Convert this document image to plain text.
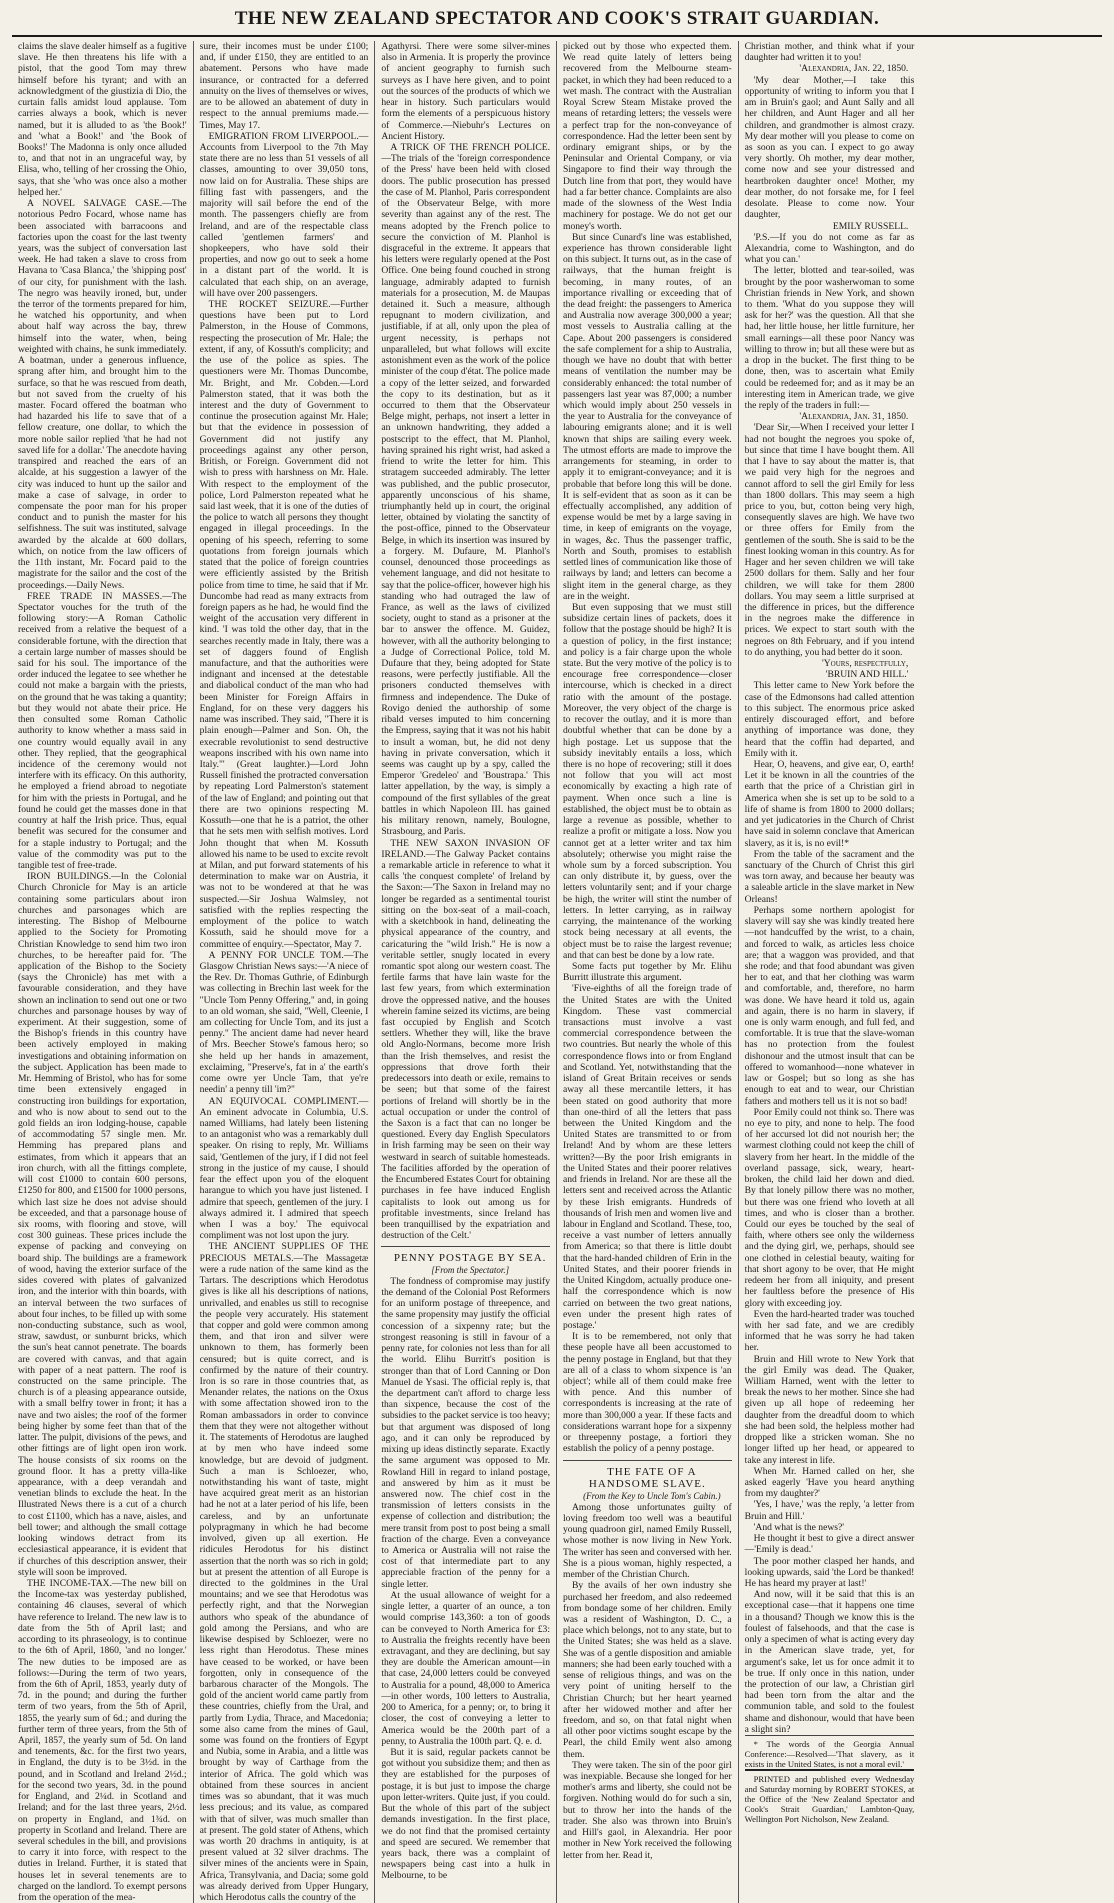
THE NEW ZEALAND SPECTATOR AND COOK'S STRAIT GUARDIAN.

claims the slave dealer himself as a fugitive slave. He then threatens his life with a pistol, that the good Tom may threw himself before his tyrant; and with an acknowledgment of the giustizia di Dio, the curtain falls amidst loud applause. Tom carries always a book, which is never named, but it is alluded to as 'the Book!' and 'what a Book!' and 'the Book of Books!' The Madonna is only once alluded to, and that not in an ungraceful way, by Elisa, who, telling of her crossing the Ohio, says, that she 'who was once also a mother helped her.'

A NOVEL SALVAGE CASE.—The notorious Pedro Focard, whose name has been associated with barracoons and factories upon the coast for the last twenty years, was the subject of conversation last week. He had taken a slave to cross from Havana to 'Casa Blanca,' the 'shipping post' of our city, for punishment with the lash. The negro was heavily ironed, but, under the terror of the torments prepared for him, he watched his opportunity, and when about half way across the bay, threw himself into the water, when, being weighted with chains, he sunk immediately. A boatman, under a generous influence, sprang after him, and brought him to the surface, so that he was rescued from death, but not saved from the cruelty of his master. Focard offered the boatman who had hazarded his life to save that of a fellow creature, one dollar, to which the more noble sailor replied 'that he had not saved life for a dollar.' The anecdote having transpired and reached the ears of an alcalde, at his suggestion a lawyer of the city was induced to hunt up the sailor and make a case of salvage, in order to compensate the poor man for his proper conduct and to punish the master for his selfishness. The suit was instituted, salvage awarded by the alcalde at 600 dollars, which, on notice from the law officers of the 11th instant, Mr. Focard paid to the magistrate for the sailor and the cost of the proceedings.—Daily News.

FREE TRADE IN MASSES.—The Spectator vouches for the truth of the following story:—A Roman Catholic received from a relative the bequest of a considerable fortune, with the direction that a certain large number of masses should be said for his soul. The importance of the order induced the legatee to see whether he could not make a bargain with the priests, on the ground that he was taking a quantity; but they would not abate their price. He then consulted some Roman Catholic authority to know whether a mass said in one country would equally avail in any other. They replied, that the geographical incidence of the ceremony would not interfere with its efficacy. On this authority, he employed a friend abroad to negotiate for him with the priests in Portugal, and he found he could get the masses done in that country at half the Irish price. Thus, equal benefit was secured for the consumer and for a staple industry to Portugal; and the value of the commodity was put to the tangible test of free-trade.

IRON BUILDINGS.—In the Colonial Church Chronicle for May is an article containing some particulars about iron churches and parsonages which are interesting. The Bishop of Melbourne applied to the Society for Promoting Christian Knowledge to send him two iron churches, to be hereafter paid for. 'The application of the Bishop to the Society (says the Chronicle) has met with a favourable consideration, and they have shown an inclination to send out one or two churches and parsonage houses by way of experiment. At their suggestion, some of the Bishop's friends in this country have been actively employed in making investigations and obtaining information on the subject. Application has been made to Mr. Hemming of Bristol, who has for some time been extensively engaged in constructing iron buildings for exportation, and who is now about to send out to the gold fields an iron lodging-house, capable of accommodating 57 single men. Mr. Hemming has prepared plans and estimates, from which it appears that an iron church, with all the fittings complete, will cost £1000 to contain 600 persons, £1250 for 800, and £1500 for 1000 persons, which last size he does not advise should be exceeded, and that a parsonage house of six rooms, with flooring and stove, will cost 300 guineas. These prices include the expense of packing and conveying on board ship. The buildings are a framework of wood, having the exterior surface of the sides covered with plates of galvanized iron, and the interior with thin boards, with an interval between the two surfaces of about four inches, to be filled up with some non-conducting substance, such as wool, straw, sawdust, or sunburnt bricks, which the sun's heat cannot penetrate. The boards are covered with canvas, and that again with paper of a neat pattern. The roof is constructed on the same principle. The church is of a pleasing appearance outside, with a small belfry tower in front; it has a nave and two aisles; the roof of the former being higher by some feet than that of the latter. The pulpit, divisions of the pews, and other fittings are of light open iron work. The house consists of six rooms on the ground floor. It has a pretty villa-like appearance, with a deep verandah and venetian blinds to exclude the heat. In the Illustrated News there is a cut of a church to cost £1100, which has a nave, aisles, and bell tower; and although the small cottage looking windows detract from its ecclesiastical appearance, it is evident that if churches of this description answer, their style will soon be improved.

THE INCOME-TAX.—The new bill on the Income-tax was yesterday published, containing 46 clauses, several of which have reference to Ireland. The new law is to date from the 5th of April last; and according to its phraseology, is to continue to the 6th of April, 1860, 'and no longer.' The new duties to be imposed are as follows:—During the term of two years, from the 6th of April, 1853, yearly duty of 7d. in the pound; and during the further term of two years, from the 5th of April, 1855, the yearly sum of 6d.; and during the further term of three years, from the 5th of April, 1857, the yearly sum of 5d. On land and tenements, &c. for the first two years, in England, the duty is to be 3½d. in the pound, and in Scotland and Ireland 2½d.; for the second two years, 3d. in the pound for England, and 2¼d. in Scotland and Ireland; and for the last three years, 2½d. on property in England, and 1¾d. on property in Scotland and Ireland. There are several schedules in the bill, and provisions to carry it into force, with respect to the duties in Ireland. Further, it is stated that houses let in several tenements are to charged on the landlord. To exempt persons from the operation of the mea-

sure, their incomes must be under £100; and, if under £150, they are entitled to an abatement. Persons who have made insurance, or contracted for a deferred annuity on the lives of themselves or wives, are to be allowed an abatement of duty in respect to the annual premiums made.—Times, May 17.

EMIGRATION FROM LIVERPOOL.—Accounts from Liverpool to the 7th May state there are no less than 51 vessels of all classes, amounting to over 39,050 tons, now laid on for Australia. These ships are filling fast with passengers, and the majority will sail before the end of the month. The passengers chiefly are from Ireland, and are of the respectable class called 'gentlemen farmers' and shopkeepers, who have sold their properties, and now go out to seek a home in a distant part of the world. It is calculated that each ship, on an average, will have over 200 passengers.

THE ROCKET SEIZURE.—Further questions have been put to Lord Palmerston, in the House of Commons, respecting the prosecution of Mr. Hale; the extent, if any, of Kossuth's complicity; and the use of the police as spies. The questioners were Mr. Thomas Duncombe, Mr. Bright, and Mr. Cobden.—Lord Palmerston stated, that it was both the interest and the duty of Government to continue the prosecution against Mr. Hale; but that the evidence in possession of Government did not justify any proceedings against any other person, British, or Foreign. Government did not wish to press with harshness on Mr. Hale. With respect to the employment of the police, Lord Palmerston repeated what he said last week, that it is one of the duties of the police to watch all persons they thought engaged in illegal proceedings. In the opening of his speech, referring to some quotations from foreign journals which stated that the police of foreign countries were efficiently assisted by the British police from time to time, he said that if Mr. Duncombe had read as many extracts from foreign papers as he had, he would find the weight of the accusation very different in kind. 'I was told the other day, that in the searches recently made in Italy, there was a set of daggers found of English manufacture, and that the authorities were indignant and incensed at the detestable and diabolical conduct of the man who had been Minister for Foreign Affairs in England, for on these very daggers his name was inscribed. They said, "There it is plain enough—Palmer and Son. Oh, the execrable revolutionist to send destructive weapons inscribed with his own name into Italy."' (Great laughter.)—Lord John Russell finished the protracted conversation by repeating Lord Palmerston's statement of the law of England; and pointing out that there are two opinions respecting M. Kossuth—one that he is a patriot, the other that he sets men with selfish motives. Lord John thought that when M. Kossuth allowed his name to be used to excite revolt at Milan, and put forward statements of his determination to make war on Austria, it was not to be wondered at that he was suspected.—Sir Joshua Walmsley, not satisfied with the replies respecting the employment of the police to watch Kossuth, said he should move for a committee of enquiry.—Spectator, May 7.

A PENNY FOR UNCLE TOM.—The Glasgow Christian News says:—'A niece of the Rev. Dr. Thomas Guthrie, of Edinburgh was collecting in Brechin last week for the "Uncle Tom Penny Offering," and, in going to an old woman, she said, "Well, Cleenie, I am collecting for Uncle Tom, and its just a penny." The ancient dame had never heard of Mrs. Beecher Stowe's famous hero; so she held up her hands in amazement, exclaiming, "Preserve's, fat in a' the earth's come owre yer Uncle Tam, that ye're needin' a penny till 'im?"

AN EQUIVOCAL COMPLIMENT.—An eminent advocate in Columbia, U.S. named Williams, had lately been listening to an antagonist who was a remarkably dull speaker. On rising to reply, Mr. Williams said, 'Gentlemen of the jury, if I did not feel strong in the justice of my cause, I should fear the effect upon you of the eloquent harangue to which you have just listened. I admire that speech, gentlemen of the jury. I always admired it. I admired that speech when I was a boy.' The equivocal compliment was not lost upon the jury.

THE ANCIENT SUPPLIES OF THE PRECIOUS METALS.—The Massagetæ were a rude nation of the same kind as the Tartars. The descriptions which Herodotus gives is like all his descriptions of nations, unrivalled, and enables us still to recognise the people very accurately. His statement that copper and gold were common among them, and that iron and silver were unknown to them, has formerly been censured; but is quite correct, and is confirmed by the nature of their country. Iron is so rare in those countries that, as Menander relates, the nations on the Oxus with some affectation showed iron to the Roman ambassadors in order to convince them that they were not altogether without it. The statements of Herodotus are laughed at by men who have indeed some knowledge, but are devoid of judgment. Such a man is Schloezer, who, notwithstanding his want of taste, might have acquired great merit as an historian had he not at a later period of his life, been careless, and by an unfortunate polypragmany in which he had become involved, given up all exertion. He ridicules Herodotus for his distinct assertion that the north was so rich in gold; but at present the attention of all Europe is directed to the goldmines in the Ural mountains; and we see that Herodotus was perfectly right, and that the Norwegian authors who speak of the abundance of gold among the Persians, and who are likewise despised by Schloezer, were no less right than Herodotus. These mines have ceased to be worked, or have been forgotten, only in consequence of the barbarous character of the Mongols. The gold of the ancient world came partly from these countries, chiefly from the Ural, and partly from Lydia, Thrace, and Macedonia; some also came from the mines of Gaul, some was found on the frontiers of Egypt and Nubia, some in Arabia, and a little was brought by way of Carthage from the interior of Africa. The gold which was obtained from these sources in ancient times was so abundant, that it was much less precious; and its value, as compared with that of silver, was much smaller than at present. The gold stater of Athens, which was worth 20 drachms in antiquity, is at present valued at 32 silver drachms. The silver mines of the ancients were in Spain, Africa, Transylvania, and Dacia; some gold was already derived from Upper Hungary, which Herodotus calls the country of the

Agathyrsi. There were some silver-mines also in Armenia. It is properly the province of ancient geography to furnish such surveys as I have here given, and to point out the sources of the products of which we hear in history. Such particulars would form the elements of a perspicuous history of Commerce.—Niebuhr's Lectures on Ancient History.

A TRICK OF THE FRENCH POLICE.—The trials of the 'foreign correspondence of the Press' have been held with closed doors. The public prosecution has pressed the case of M. Planhol, Paris correspondent of the Observateur Belge, with more severity than against any of the rest. The means adopted by the French police to secure the conviction of M. Planhol is disgraceful in the extreme. It appears that his letters were regularly opened at the Post Office. One being found couched in strong language, admirably adapted to furnish materials for a prosecution, M. de Maupas detained it. Such a measure, although repugnant to modern civilization, and justifiable, if at all, only upon the plea of urgent necessity, is perhaps not unparalleled, but what follows will excite astonishment even as the work of the police minister of the coup d'état. The police made a copy of the letter seized, and forwarded the copy to its destination, but as it occurred to them that the Observateur Belge might, perhaps, not insert a letter in an unknown handwriting, they added a postscript to the effect, that M. Planhol, having sprained his right wrist, had asked a friend to write the letter for him. This stratagem succeeded admirably. The letter was published, and the public prosecutor, apparently unconscious of his shame, triumphantly held up in court, the original letter, obtained by violating the sanctity of the post-office, pinned to the Observateur Belge, in which its insertion was insured by a forgery. M. Dufaure, M. Planhol's counsel, denounced those proceedings as vehement language, and did not hesitate to say that the police-officer, however high his standing who had outraged the law of France, as well as the laws of civilized society, ought to stand as a prisoner at the bar to answer the offence. M. Guidez, however, with all the authority belonging to a Judge of Correctional Police, told M. Dufaure that they, being adopted for State reasons, were perfectly justifiable. All the prisoners conducted themselves with firmness and independence. The Duke of Rovigo denied the authorship of some ribald verses imputed to him concerning the Empress, saying that it was not his habit to insult a woman, but, he did not deny having in private conversation, which it seems was caught up by a spy, called the Emperor 'Gredeleo' and 'Boustrapa.' This latter appellation, by the way, is simply a compound of the first syllables of the great battles in which Napoleon III. has gained his military renown, namely, Boulogne, Strasbourg, and Paris.

THE NEW SAXON INVASION OF IRELAND.—The Galway Packet contains a remarkable article in reference to what it calls 'the conquest complete' of Ireland by the Saxon:—'The Saxon in Ireland may no longer be regarded as a sentimental tourist sitting on the box-seat of a mail-coach, with a sketchbook in hand, delineating the physical appearance of the country, and caricaturing the "wild Irish." He is now a veritable settler, snugly located in every romantic spot along our western coast. The fertile farms that have lain waste for the last few years, from which extermination drove the oppressed native, and the houses wherein famine seized its victims, are being fast occupied by English and Scotch settlers. Whether they will, like the brave old Anglo-Normans, become more Irish than the Irish themselves, and resist the oppressions that drove forth their predecessors into death or exile, remains to be seen; but that some of the fairest portions of Ireland will shortly be in the actual occupation or under the control of the Saxon is a fact that can no longer be questioned. Every day English Speculators in Irish farming may be seen on their way westward in search of suitable homesteads. The facilities afforded by the operation of the Encumbered Estates Court for obtaining purchases in fee have induced English capitalists to look out among us for profitable investments, since Ireland has been tranquillised by the expatriation and destruction of the Celt.'

PENNY POSTAGE BY SEA.

[From the Spectator.]

The fondness of compromise may justify the demand of the Colonial Post Reformers for an uniform postage of threepence, and the same propensity may justify the official concession of a sixpenny rate; but the strongest reasoning is still in favour of a penny rate, for colonies not less than for all the world. Elihu Burritt's position is stronger than that of Lord Canning or Don Manuel de Ysasi. The official reply is, that the department can't afford to charge less than sixpence, because the cost of the subsidies to the packet service is too heavy; but that argument was disposed of long ago, and it can only be reproduced by mixing up ideas distinctly separate. Exactly the same argument was opposed to Mr. Rowland Hill in regard to inland postage, and answered by him as it must be answered now. The chief cost in the transmission of letters consists in the expense of collection and distribution; the mere transit from post to post being a small fraction of the charge. Even a conveyance to America or Australia will not raise the cost of that intermediate part to any appreciable fraction of the penny for a single letter.

At the usual allowance of weight for a single letter, a quarter of an ounce, a ton would comprise 143,360: a ton of goods can be conveyed to North America for £3: to Australia the freights recently have been extravagant, and they are declining, but say they are double the American amount—in that case, 24,000 letters could be conveyed to Australia for a pound, 48,000 to America—in other words, 100 letters to Australia, 200 to America, for a penny; or, to bring it closer, the cost of conveying a letter to America would be the 200th part of a penny, to Australia the 100th part. Q. e. d.

But it is said, regular packets cannot be got without you subsidize them; and then as they are established for the purposes of postage, it is but just to impose the charge upon letter-writers. Quite just, if you could. But the whole of this part of the subject demands investigation. In the first place, we do not find that the promised certainty and speed are secured. We remember that years back, there was a complaint of newspapers being cast into a hulk in Melbourne, to be

picked out by those who expected them. We read quite lately of letters being recovered from the Melbourne steam-packet, in which they had been reduced to a wet mash. The contract with the Australian Royal Screw Steam Mistake proved the means of retarding letters; the vessels were a perfect trap for the non-conveyance of correspondence. Had the letter been sent by ordinary emigrant ships, or by the Peninsular and Oriental Company, or via Singapore to find their way through the Dutch line from that port, they would have had a far better chance. Complaints are also made of the slowness of the West India machinery for postage. We do not get our money's worth.

But since Cunard's line was established, experience has thrown considerable light on this subject. It turns out, as in the case of railways, that the human freight is becoming, in many routes, of an importance rivalling or exceeding that of the dead freight: the passengers to America and Australia now average 300,000 a year; most vessels to Australia calling at the Cape. About 200 passengers is considered the safe complement for a ship to Australia, though we have no doubt that with better means of ventilation the number may be considerably enhanced: the total number of passengers last year was 87,000; a number which would imply about 250 vessels in the year to Australia for the conveyance of labouring emigrants alone; and it is well known that ships are sailing every week. The utmost efforts are made to improve the arrangements for steaming, in order to apply it to emigrant-conveyance; and it is probable that before long this will be done. It is self-evident that as soon as it can be effectually accomplished, any addition of expense would be met by a large saving in time, in keep of emigrants on the voyage, in wages, &c. Thus the passenger traffic, North and South, promises to establish settled lines of communication like those of railways by land; and letters can become a slight item in the general charge, as they are in the weight.

But even supposing that we must still subsidize certain lines of packets, does it follow that the postage should be high? It is a question of policy, in the first instance; and policy is a fair charge upon the whole state. But the very motive of the policy is to encourage free correspondence—closer intercourse, which is checked in a direct ratio with the amount of the postage. Moreover, the very object of the charge is to recover the outlay, and it is more than doubtful whether that can be done by a high postage. Let us suppose that the subsidy inevitably entails a loss, which there is no hope of recovering; still it does not follow that you will act most economically by exacting a high rate of payment. When once such a line is established, the object must be to obtain as large a revenue as possible, whether to realize a profit or mitigate a loss. Now you cannot get at a letter writer and tax him absolutely; otherwise you might raise the whole sum by a forced subscription. You can only distribute it, by guess, over the letters voluntarily sent; and if your charge be high, the writer will stint the number of letters. In letter carrying, as in railway carrying, the maintenance of the working stock being necessary at all events, the object must be to raise the largest revenue; and that can best be done by a low rate.

Some facts put together by Mr. Elihu Burritt illustrate this argument.

'Five-eighths of all the foreign trade of the United States are with the United Kingdom. These vast commercial transactions must involve a vast commercial correspondence between the two countries. But nearly the whole of this correspondence flows into or from England and Scotland. Yet, notwithstanding that the island of Great Britain receives or sends away all these mercantile letters, it has been stated on good authority that more than one-third of all the letters that pass between the United Kingdom and the United States are transmitted to or from Ireland! And by whom are these letters written?—By the poor Irish emigrants in the United States and their poorer relatives and friends in Ireland. Nor are these all the letters sent and received across the Atlantic by these Irish emigrants. Hundreds of thousands of Irish men and women live and labour in England and Scotland. These, too, receive a vast number of letters annually from America; so that there is little doubt that the hard-handed children of Erin in the United States, and their poorer friends in the United Kingdom, actually produce one-half the correspondence which is now carried on between the two great nations, even under the present high rates of postage.'

It is to be remembered, not only that these people have all been accustomed to the penny postage in England, but that they are all of a class to whom sixpence is 'an object'; while all of them could make free with pence. And this number of correspondents is increasing at the rate of more than 300,000 a year. If these facts and considerations warrant hope for a sixpenny or threepenny postage, a fortiori they establish the policy of a penny postage.

THE FATE OF A HANDSOME SLAVE.

(From the Key to Uncle Tom's Cabin.)

Among those unfortunates guilty of loving freedom too well was a beautiful young quadroon girl, named Emily Russell, whose mother is now living in New York. The writer has seen and conversed with her. She is a pious woman, highly respected, a member of the Christian Church.

By the avails of her own industry she purchased her freedom, and also redeemed from bondage some of her children. Emily was a resident of Washington, D. C., a place which belongs, not to any state, but to the United States; she was held as a slave. She was of a gentle disposition and amiable manners; she had been early touched with a sense of religious things, and was on the very point of uniting herself to the Christian Church; but her heart yearned after her widowed mother and after her freedom, and so, on that fatal night when all other poor victims sought escape by the Pearl, the child Emily went also among them.

They were taken. The sin of the poor girl was inexpiable. Because she longed for her mother's arms and liberty, she could not be forgiven. Nothing would do for such a sin, but to throw her into the hands of the trader. She also was thrown into Bruin's and Hill's gaol, in Alexandria. Her poor mother in New York received the following letter from her. Read it,

Christian mother, and think what if your daughter had written it to you!

'Alexandria, Jan. 22, 1850.

'My dear Mother,—I take this opportunity of writing to inform you that I am in Bruin's gaol; and Aunt Sally and all her children, and Aunt Hager and all her children, and grandmother is almost crazy. My dear mother will you please to come on as soon as you can. I expect to go away very shortly. Oh mother, my dear mother, come now and see your distressed and heartbroken daughter once! Mother, my dear mother, do not forsake me, for I feel desolate. Please to come now. Your daughter,

EMILY RUSSELL.

'P.S.—If you do not come as far as Alexandria, come to Washington, and do what you can.'

The letter, blotted and tear-soiled, was brought by the poor washerwoman to some Christian friends in New York, and shown to them. 'What do you suppose they will ask for her?' was the question. All that she had, her little house, her little furniture, her small earnings—all these poor Nancy was willing to throw in; but all these were but as a drop in the bucket. The first thing to be done, then, was to ascertain what Emily could be redeemed for; and as it may be an interesting item in American trade, we give the reply of the traders in full:—

'Alexandria, Jan. 31, 1850.

'Dear Sir,—When I received your letter I had not bought the negroes you spoke of, but since that time I have bought them. All that I have to say about the matter is, that we paid very high for the negroes and cannot afford to sell the girl Emily for less than 1800 dollars. This may seem a high price to you, but, cotton being very high, consequently slaves are high. We have two or three offers for Emily from the gentlemen of the south. She is said to be the finest looking woman in this country. As for Hager and her seven children we will take 2500 dollars for them. Sally and her four children, we will take for them 2800 dollars. You may seem a little surprised at the difference in prices, but the difference in the negroes make the difference in prices. We expect to start south with the negroes on 8th February, and if you intend to do anything, you had better do it soon.

'Yours, respectfully,

'BRUIN AND HILL.'

This letter came to New York before the case of the Edmonsons had called attention to this subject. The enormous price asked entirely discouraged effort, and before anything of importance was done, they heard that the coffin had departed, and Emily with it.

Hear, O, heavens, and give ear, O, earth! Let it be known in all the countries of the earth that the price of a Christian girl in America when she is set up to be sold to a life of shame is from 1800 to 2000 dollars; and yet judicatories in the Church of Christ have said in solemn conclave that American slavery, as it is, is no evil!*

From the table of the sacrament and the sanctuary of the Church of Christ this girl was torn away, and because her beauty was a saleable article in the slave market in New Orleans!

Perhaps some northern apologist for slavery will say she was kindly treated here—not handcuffed by the wrist, to a chain, and forced to walk, as articles less choice are; that a waggon was provided, and that she rode; and that food abundant was given her to eat, and that her clothing was warm and comfortable, and, therefore, no harm was done. We have heard it told us, again and again, there is no harm in slavery, if one is only warm enough, and full fed, and comfortable. It is true that the slave-woman has no protection from the foulest dishonour and the utmost insult that can be offered to womanhood—none whatever in law or Gospel; but so long as she has enough to eat and to wear, our Christian fathers and mothers tell us it is not so bad!

Poor Emily could not think so. There was no eye to pity, and none to help. The food of her accursed lot did not nourish her; the warmest clothing could not keep the chill of slavery from her heart. In the middle of the overland passage, sick, weary, heart-broken, the child laid her down and died. By that lonely pillow there was no mother, but there was one friend who loveth at all times, and who is closer than a brother. Could our eyes be touched by the seal of faith, where others see only the wilderness and the dying girl, we, perhaps, should see one clothed in celestial beauty, waiting for that short agony to be over, that He might redeem her from all iniquity, and present her faultless before the presence of His glory with exceeding joy.

Even the hard-hearted trader was touched with her sad fate, and we are credibly informed that he was sorry he had taken her.

Bruin and Hill wrote to New York that the girl Emily was dead. The Quaker, William Harned, went with the letter to break the news to her mother. Since she had given up all hope of redeeming her daughter from the dreadful doom to which she had been sold, the helpless mother had dropped like a stricken woman. She no longer lifted up her head, or appeared to take any interest in life.

When Mr. Harned called on her, she asked eagerly 'Have you heard anything from my daughter?'

'Yes, I have,' was the reply, 'a letter from Bruin and Hill.'

'And what is the news?'

He thought it best to give a direct answer—'Emily is dead.'

The poor mother clasped her hands, and looking upwards, said 'the Lord be thanked! He has heard my prayer at last!'

And now, will it be said that this is an exceptional case—that it happens one time in a thousand? Though we know this is the foulest of falsehoods, and that the case is only a specimen of what is acting every day in the American slave trade, yet, for argument's sake, let us for once admit it to be true. If only once in this nation, under the protection of our law, a Christian girl had been torn from the altar and the communion table, and sold to the foulest shame and dishonour, would that have been a slight sin?

* The words of the Georgia Annual Conference:—Resolved—'That slavery, as it exists in the United States, is not a moral evil.'

PRINTED and published every Wednesday and Saturday morning by ROBERT STOKES, at the Office of the 'New Zealand Spectator and Cook's Strait Guardian,' Lambton-Quay, Wellington Port Nicholson, New Zealand.
